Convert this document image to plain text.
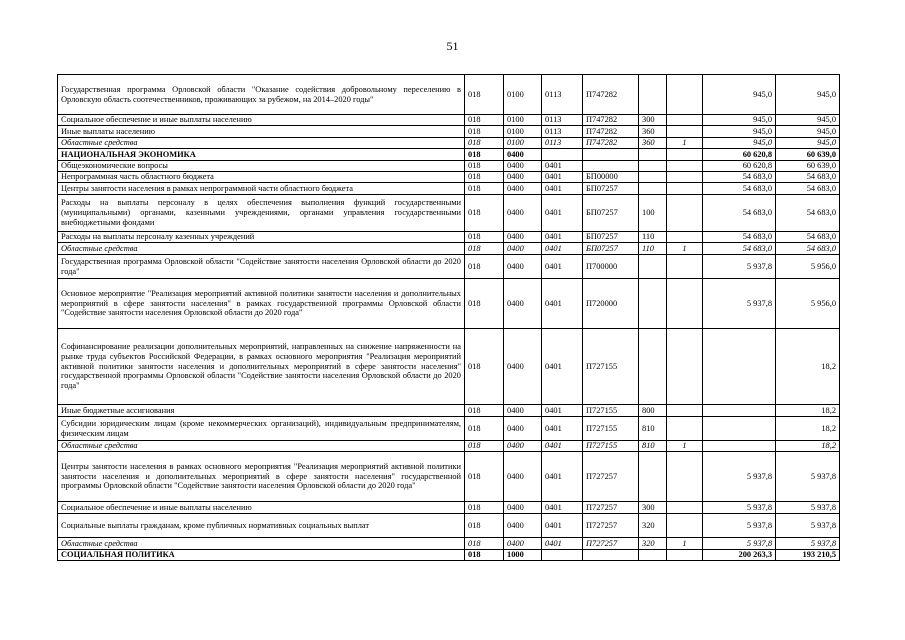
51
Государственная программа Орловской области "Оказание содействия добровольному переселению в Орловскую область соотечественников, проживающих за рубежом, на 2014–2020 годы"	018	0100	0113	П747282			945,0	945,0
Социальное обеспечение и иные выплаты населению	018	0100	0113	П747282	300		945,0	945,0
Иные выплаты населению	018	0100	0113	П747282	360		945,0	945,0
Областные средства	018	0100	0113	П747282	360	1	945,0	945,0
НАЦИОНАЛЬНАЯ ЭКОНОМИКА	018	0400					60 620,8	60 639,0
Общеэкономические вопросы	018	0400	0401				60 620,8	60 639,0
Непрограммная часть областного бюджета	018	0400	0401	БП00000			54 683,0	54 683,0
Центры занятости населения в рамках непрограммной части областного бюджета	018	0400	0401	БП07257			54 683,0	54 683,0
Расходы на выплаты персоналу в целях обеспечения выполнения функций государственными (муниципальными) органами, казенными учреждениями, органами управления государственными внебюджетными фондами	018	0400	0401	БП07257	100		54 683,0	54 683,0
Расходы на выплаты персоналу казенных учреждений	018	0400	0401	БП07257	110		54 683,0	54 683,0
Областные средства	018	0400	0401	БП07257	110	1	54 683,0	54 683,0
Государственная программа Орловской области "Содействие занятости населения Орловской области до 2020 года"	018	0400	0401	П700000			5 937,8	5 956,0
Основное мероприятие "Реализация мероприятий активной политики занятости населения и дополнительных мероприятий в сфере занятости населения" в рамках государственной программы Орловской области "Содействие занятости населения Орловской области до 2020 года"	018	0400	0401	П720000			5 937,8	5 956,0
Софинансирование реализации дополнительных мероприятий, направленных на снижение напряженности на рынке труда субъектов Российской Федерации, в рамках основного мероприятия "Реализация мероприятий активной политики занятости населения и дополнительных мероприятий в сфере занятости населения" государственной программы Орловской области "Содействие занятости населения Орловской области до 2020 года"	018	0400	0401	П727155				18,2
Иные бюджетные ассигнования	018	0400	0401	П727155	800			18,2
Субсидии юридическим лицам (кроме некоммерческих организаций), индивидуальным предпринимателям, физическим лицам	018	0400	0401	П727155	810			18,2
Областные средства	018	0400	0401	П727155	810	1		18,2
Центры занятости населения в рамках основного мероприятия "Реализация мероприятий активной политики занятости населения и дополнительных мероприятий в сфере занятости населения" государственной программы Орловской области "Содействие занятости населения Орловской области до 2020 года"	018	0400	0401	П727257			5 937,8	5 937,8
Социальное обеспечение и иные выплаты населению	018	0400	0401	П727257	300		5 937,8	5 937,8
Социальные выплаты гражданам, кроме публичных нормативных социальных выплат	018	0400	0401	П727257	320		5 937,8	5 937,8
Областные средства	018	0400	0401	П727257	320	1	5 937,8	5 937,8
СОЦИАЛЬНАЯ ПОЛИТИКА	018	1000					200 263,3	193 210,5
